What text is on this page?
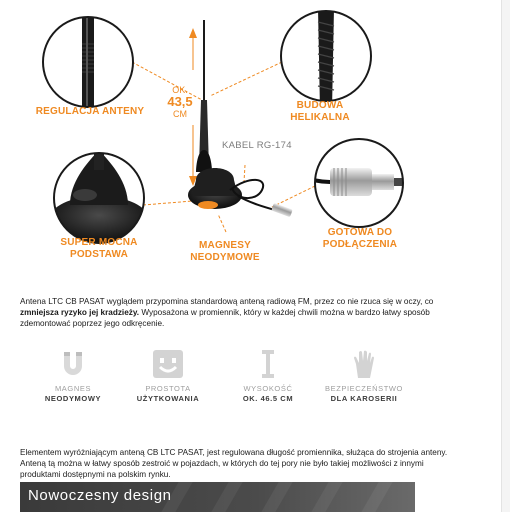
REGULACJA ANTENY
BUDOWA
HELIKALNA
KABEL RG-174
OK.
43,5
CM
GOTOWA DO
PODŁĄCZENIA
SUPER MOCNA
PODSTAWA
MAGNESY
NEODYMOWE
Antena LTC CB PASAT wyglądem przypomina standardową anteną radiową FM, przez co nie rzuca się w oczy, co
zmniejsza ryzyko jej kradzieży. Wyposażona w promiennik, który w każdej chwili można w bardzo łatwy sposób
zdemontować poprzez jego odkręcenie.
MAGNES
NEODYMOWY
PROSTOTA
UŻYTKOWANIA
WYSOKOŚĆ
OK. 46.5 CM
BEZPIECZEŃSTWO
DLA KAROSERII
Elementem wyróżniającym anteną CB LTC PASAT, jest regulowana długość promiennika, służąca do strojenia anteny.
Anteną tą można w łatwy sposób zestroić w pojazdach, w których do tej pory nie było takiej możliwości z innymi
produktami dostępnymi na polskim rynku.
Nowoczesny design
